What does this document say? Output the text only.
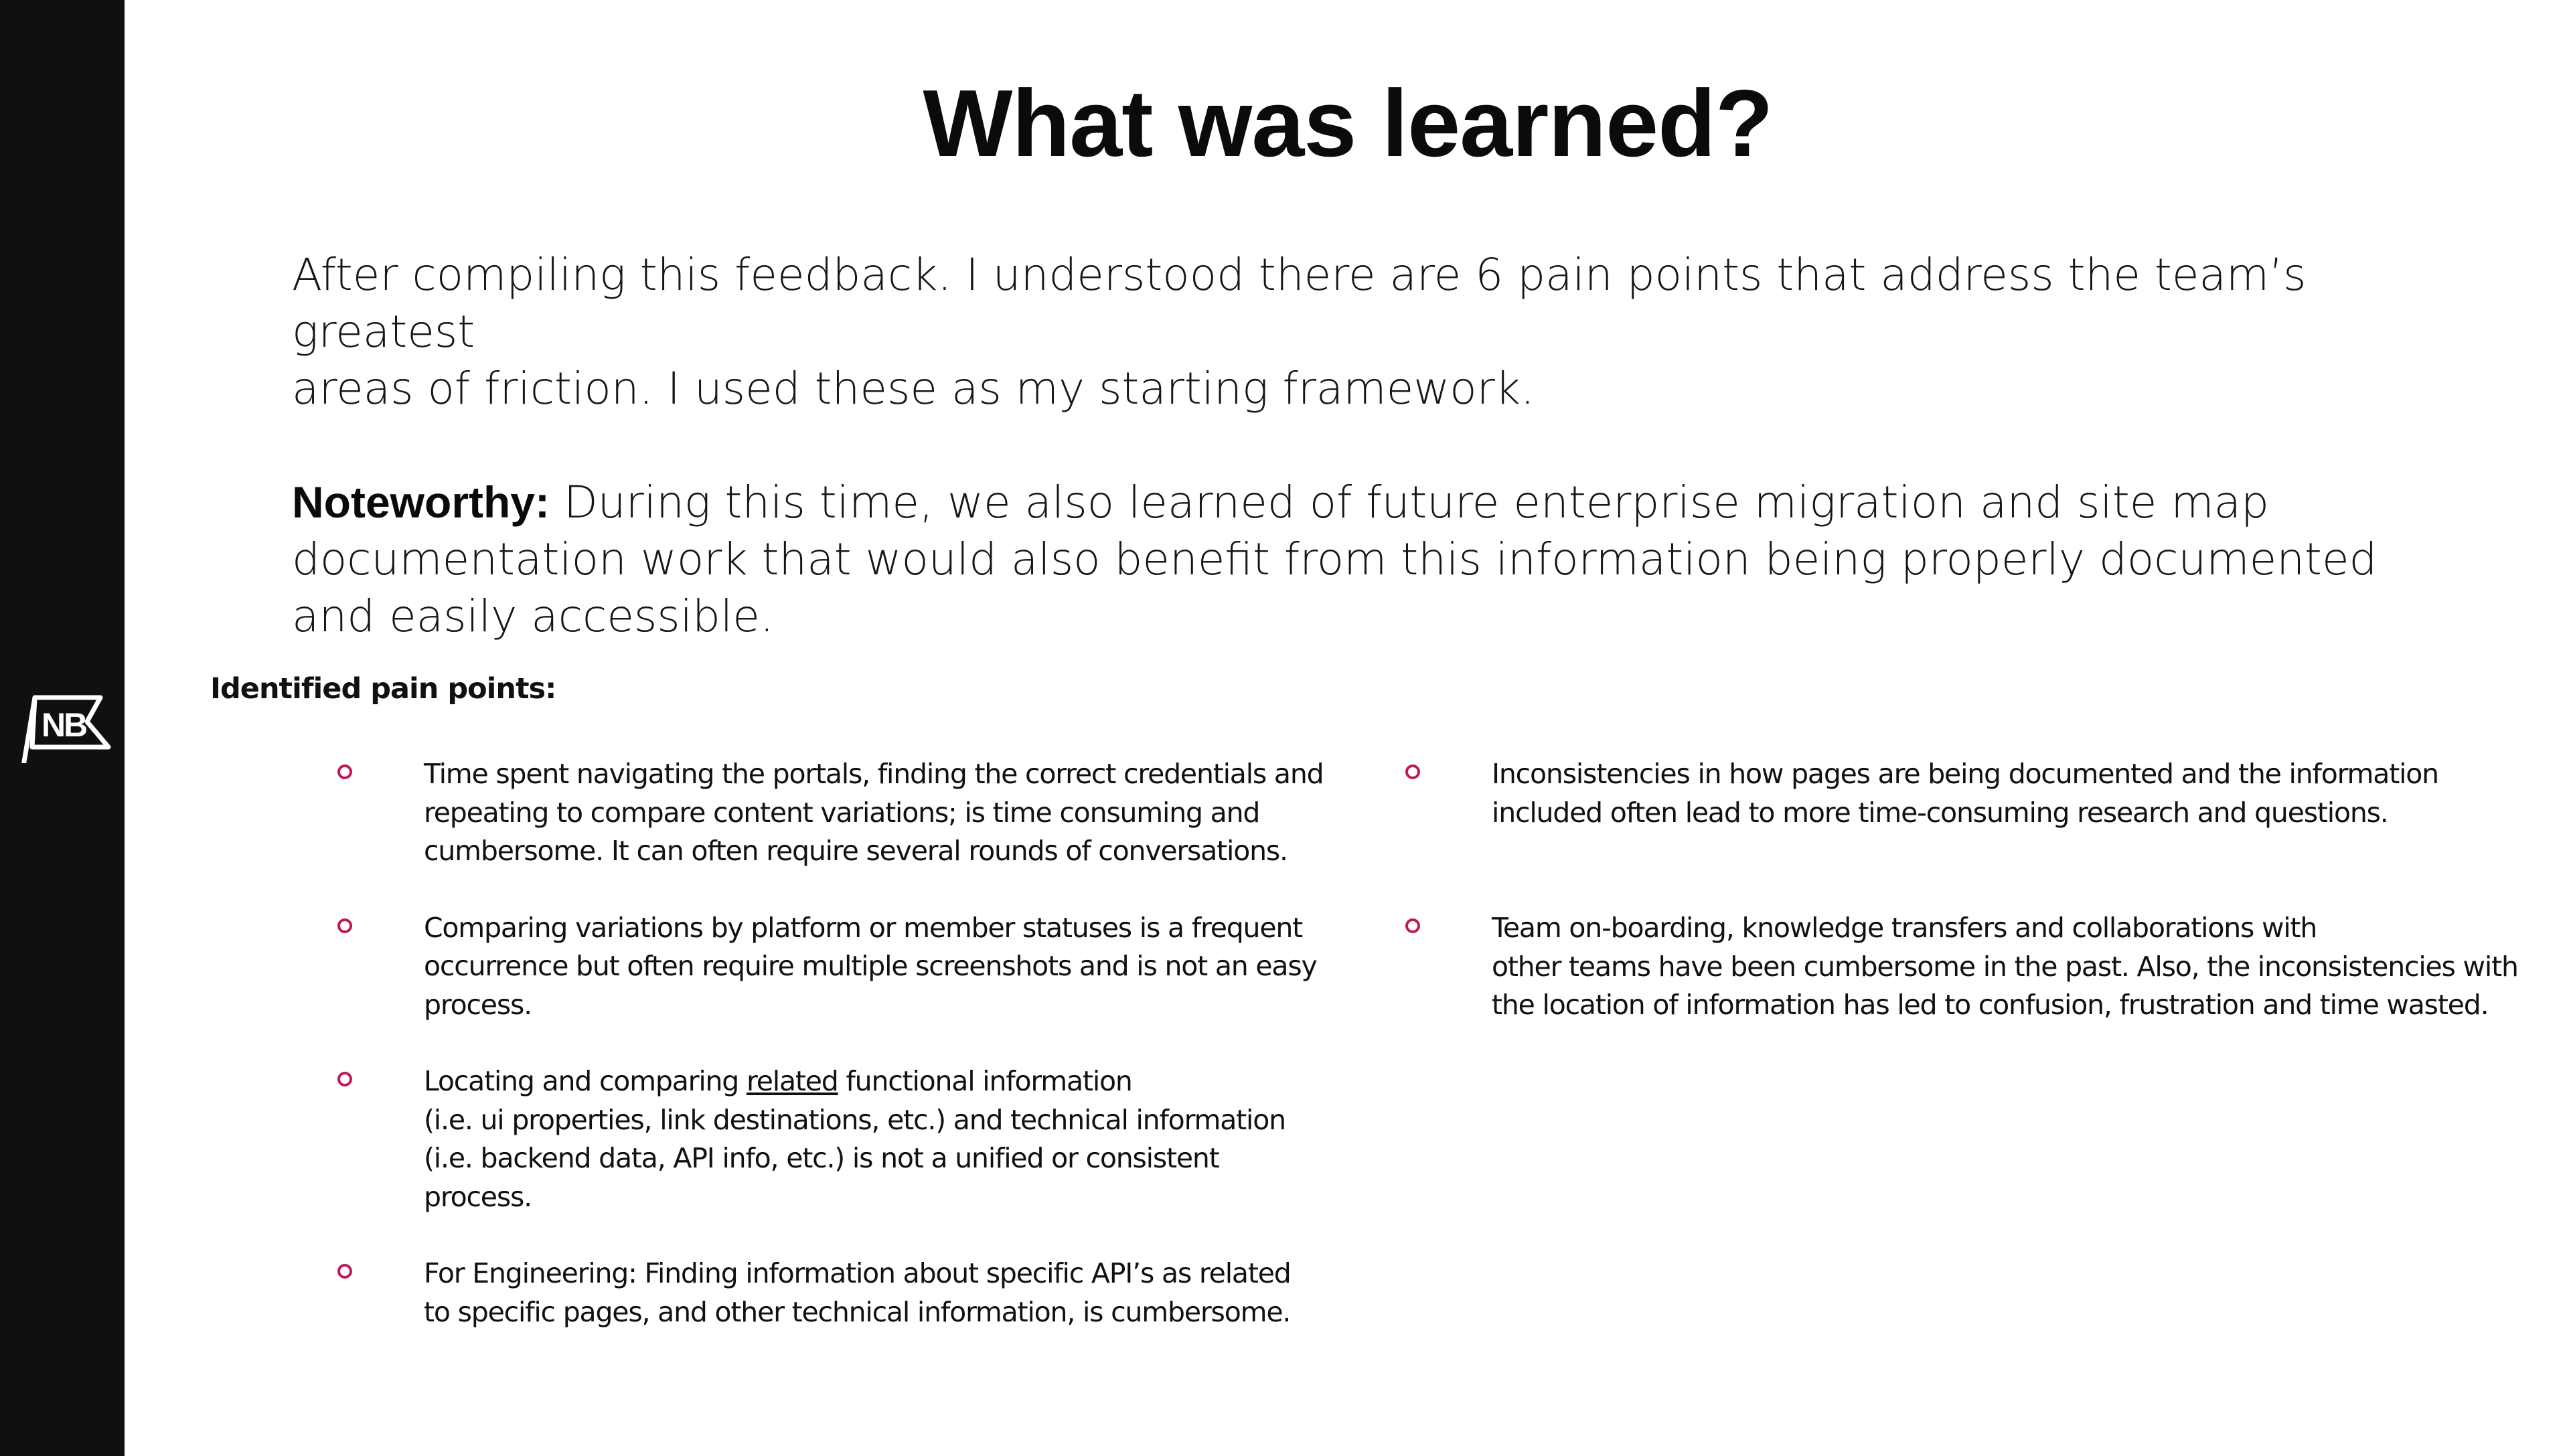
NB
What was learned?

After compiling this feedback. I understood there are 6 pain points that address the team’s greatest

areas of friction. I used these as my starting framework.

Noteworthy: During this time, we also learned of future enterprise migration and site map

documentation work that would also benefit from this information being properly documented

and easily accessible.

Identified pain points:
Time spent navigating the portals, finding the correct credentials and
repeating to compare content variations; is time consuming and
cumbersome. It can often require several rounds of conversations.
Comparing variations by platform or member statuses is a frequent
occurrence but often require multiple screenshots and is not an easy
process.
Locating and comparing related functional information
(i.e. ui properties, link destinations, etc.) and technical information
(i.e. backend data, API info, etc.) is not a unified or consistent
process.
For Engineering: Finding information about specific API’s as related
to specific pages, and other technical information, is cumbersome.
Inconsistencies in how pages are being documented and the information
included often lead to more time-consuming research and questions.
Team on-boarding, knowledge transfers and collaborations with
other teams have been cumbersome in the past. Also, the inconsistencies with
the location of information has led to confusion, frustration and time wasted.
